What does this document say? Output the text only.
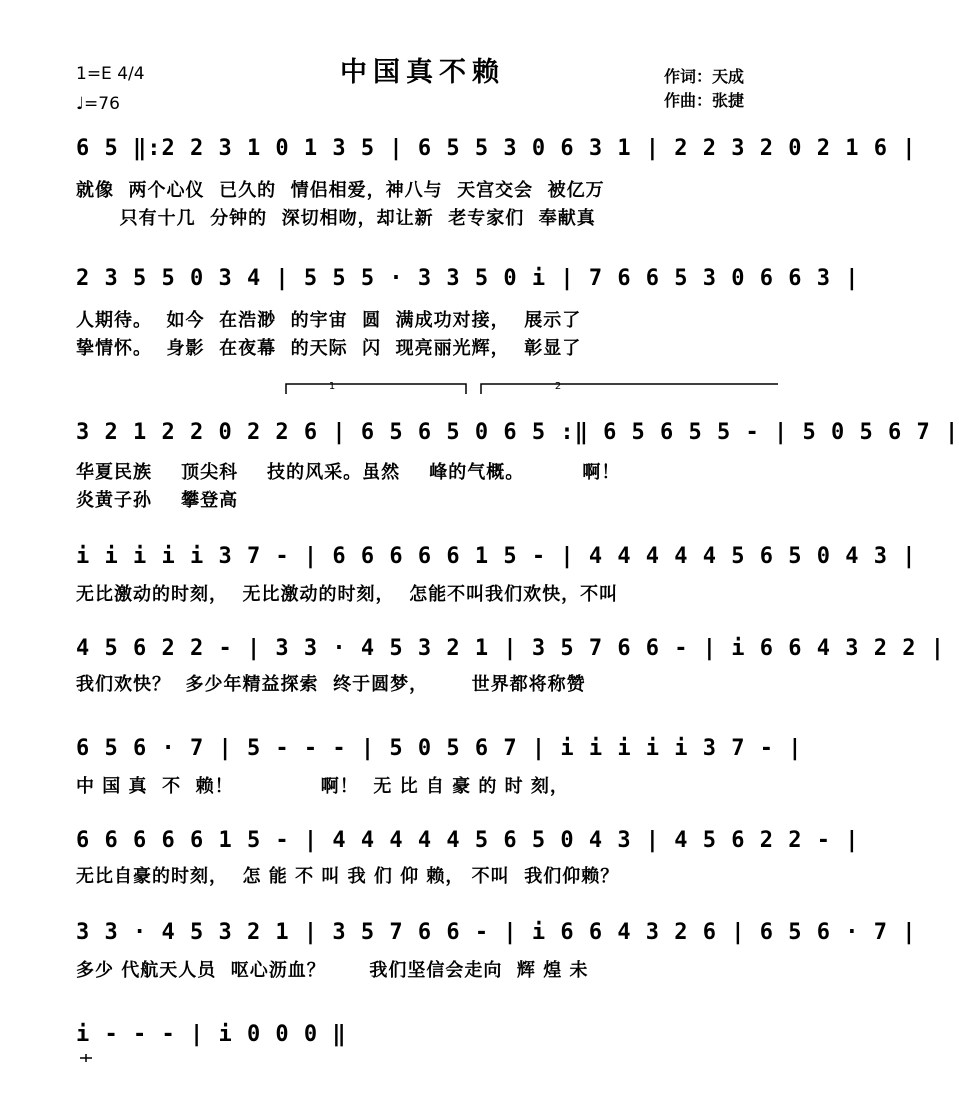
1=E 4/4
♩=76
中国真不赖	作词：天成
作曲：张捷
6 5 ‖:2 2 3 1 0 1 3 5 | 6 5 5 3 0 6 3 1 | 2 2 3 2 0 2 1 6 |
就像  两个心仪  已久的  情侣相爱，神八与  天宫交会  被亿万
只有十几  分钟的  深切相吻，却让新  老专家们  奉献真
2 3 5 5 0 3 4 | 5 5 5 · 3 3 5 0 i | 7 6 6 5 3 0 6 6 3 |
人期待。  如今  在浩渺  的宇宙  圆  满成功对接，  展示了
挚情怀。  身影  在夜幕  的天际  闪  现亮丽光辉，  彰显了
1	2
3 2 1 2 2 0 2 2 6 | 6 5 6 5 0 6 5 :‖ 6 5 6 5 5 - | 5 0 5 6 7 |
华夏民族    顶尖科    技的风采。虽然    峰的气概。        啊！
炎黄子孙    攀登高
i i i i i 3 7 - | 6 6 6 6 6 1 5 - | 4 4 4 4 4 5 6 5 0 4 3 |
无比激动的时刻，  无比激动的时刻，  怎能不叫我们欢快，不叫
4 5 6 2 2 - | 3 3 · 4 5 3 2 1 | 3 5 7 6 6 - | i 6 6 4 3 2 2 |
我们欢快？  多少年精益探索  终于圆梦，      世界都将称赞
6 5 6 · 7 | 5 - - - | 5 0 5 6 7 | i i i i i 3 7 - |
中 国 真  不  赖！            啊！  无 比 自 豪 的 时 刻，
6 6 6 6 6 1 5 - | 4 4 4 4 4 5 6 5 0 4 3 | 4 5 6 2 2 - |
无比自豪的时刻，  怎 能 不 叫 我 们 仰 赖， 不叫  我们仰赖？
3 3 · 4 5 3 2 1 | 3 5 7 6 6 - | i 6 6 4 3 2 6 | 6 5 6 · 7 |
多少 代航天人员  呕心沥血？      我们坚信会走向  辉 煌 未
i - - - | i 0 0 0 ‖
